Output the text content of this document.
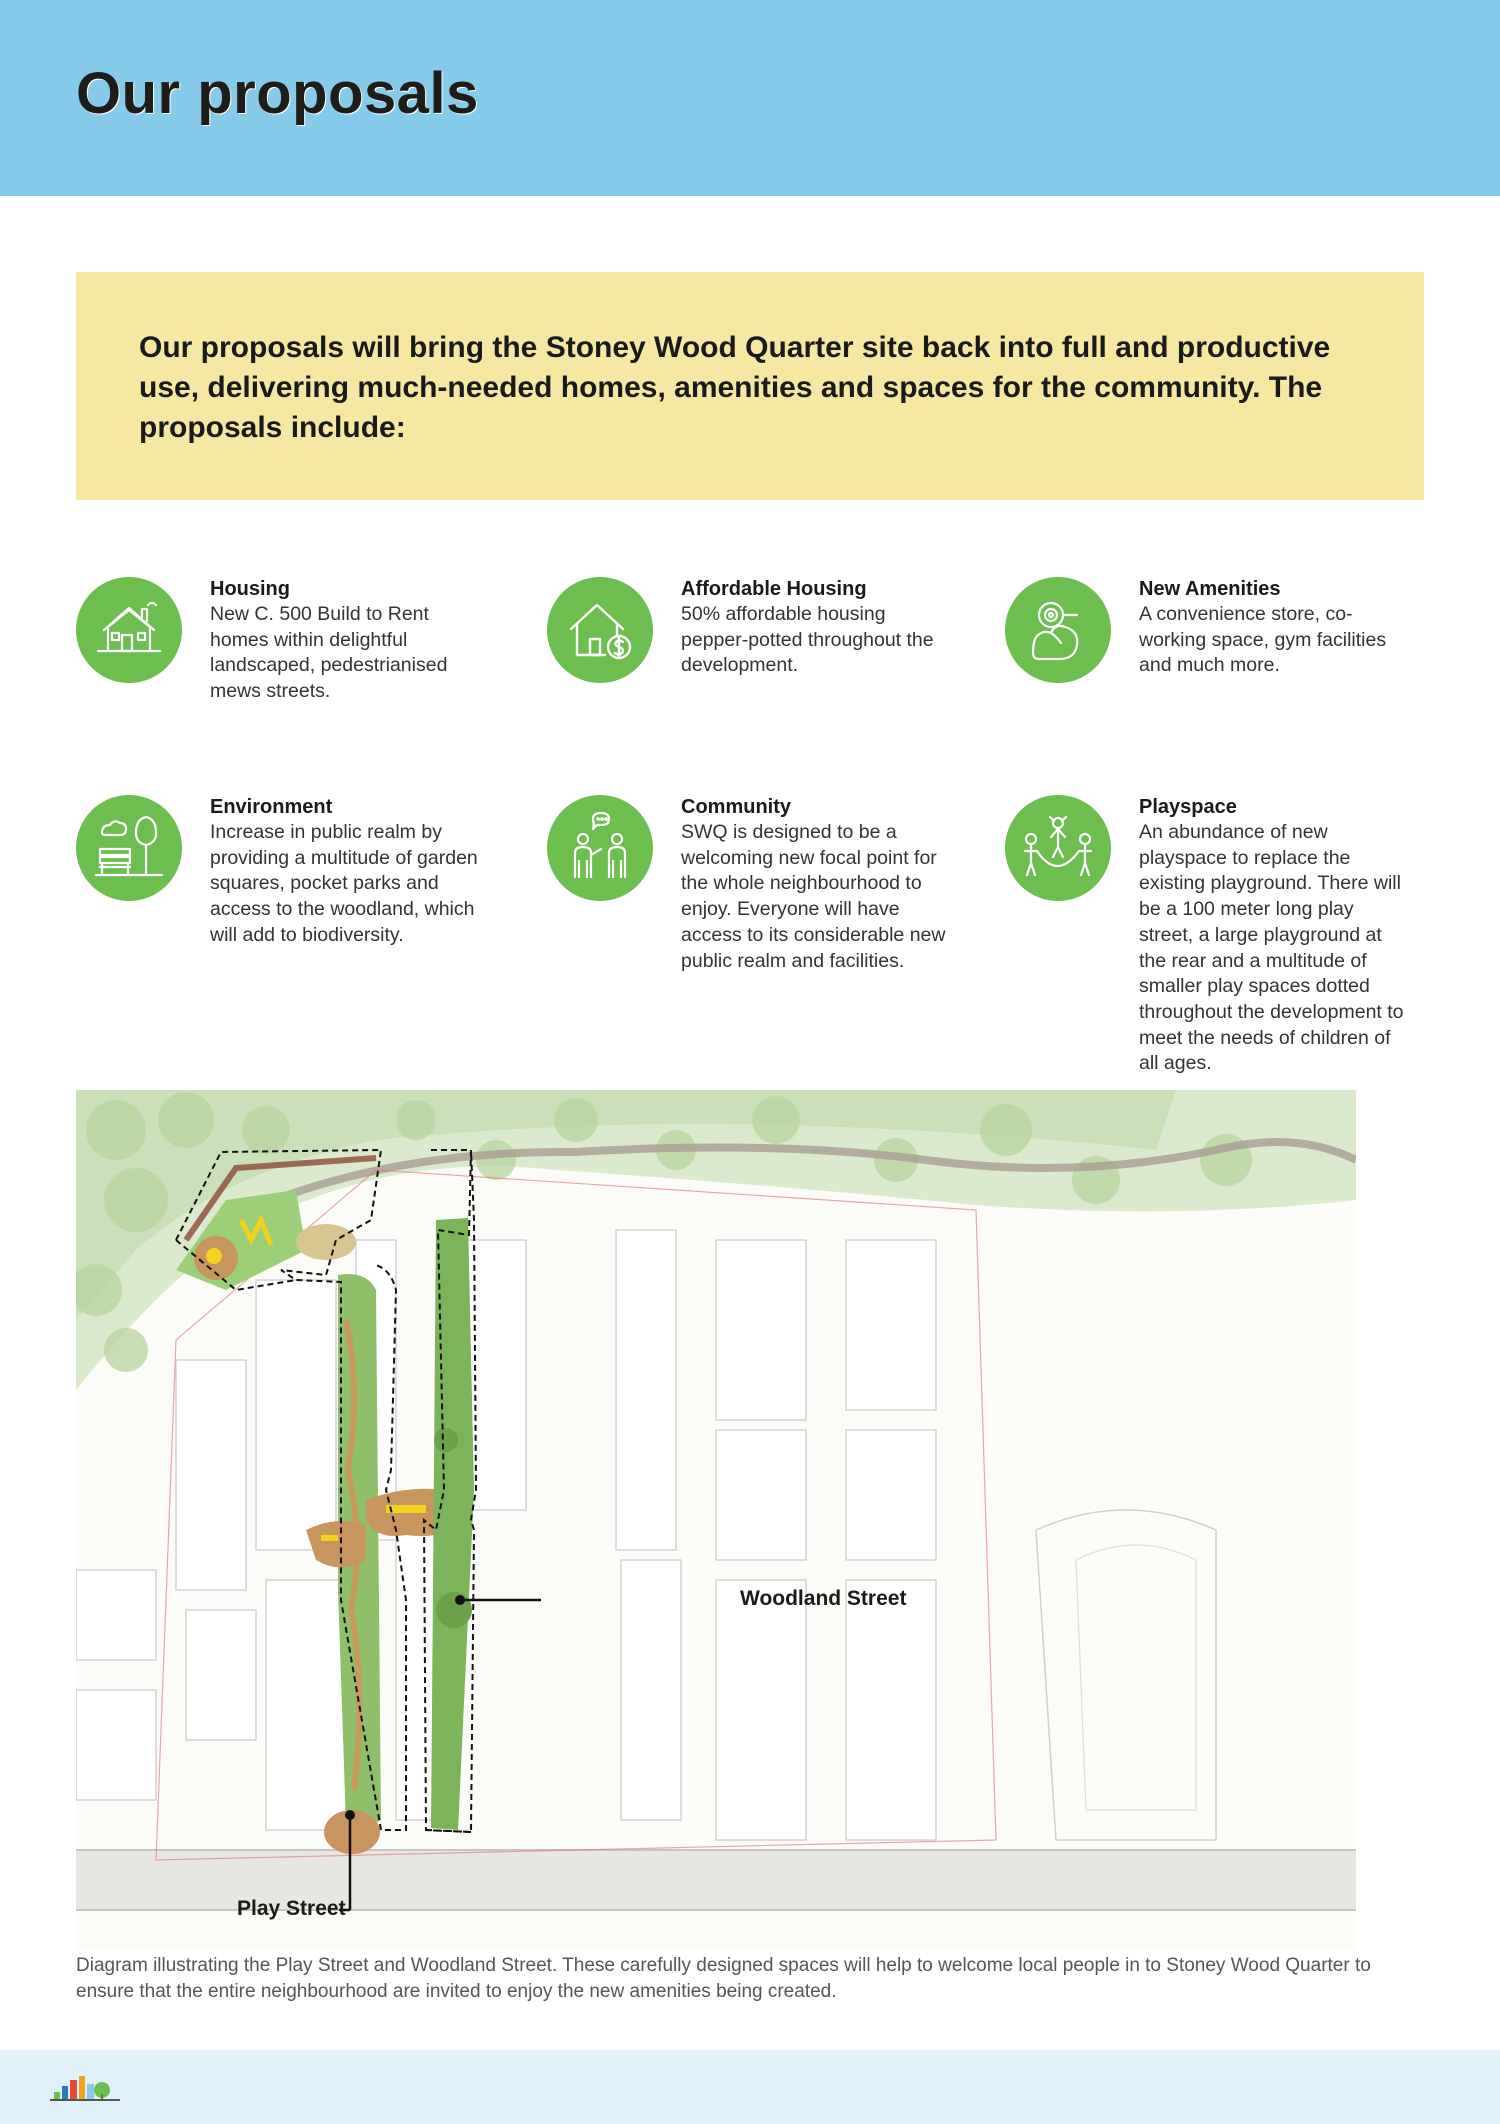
Our proposals

Our proposals will bring the Stoney Wood Quarter site back into full and productive use, delivering much-needed homes, amenities and spaces for the community. The proposals include:

Housing

New C. 500 Build to Rent homes within delightful landscaped, pedestrianised mews streets.

Affordable Housing

50% affordable housing pepper-potted throughout the development.

New Amenities

A convenience store, co-working space, gym facilities and much more.

Environment

Increase in public realm by providing a multitude of garden squares, pocket parks and access to the woodland, which will add to biodiversity.

Community

SWQ is designed to be a welcoming new focal point for the whole neighbourhood to enjoy. Everyone will have access to its considerable new public realm and facilities.

Playspace

An abundance of new playspace to replace the existing playground. There will be a 100 meter long play street, a large playground at the rear and a multitude of smaller play spaces dotted throughout the development to meet the needs of children of all ages.

Woodland Street
Play Street

Diagram illustrating the Play Street and Woodland Street. These carefully designed spaces will help to welcome local people in to Stoney Wood Quarter to ensure that the entire neighbourhood are invited to enjoy the new amenities being created.
